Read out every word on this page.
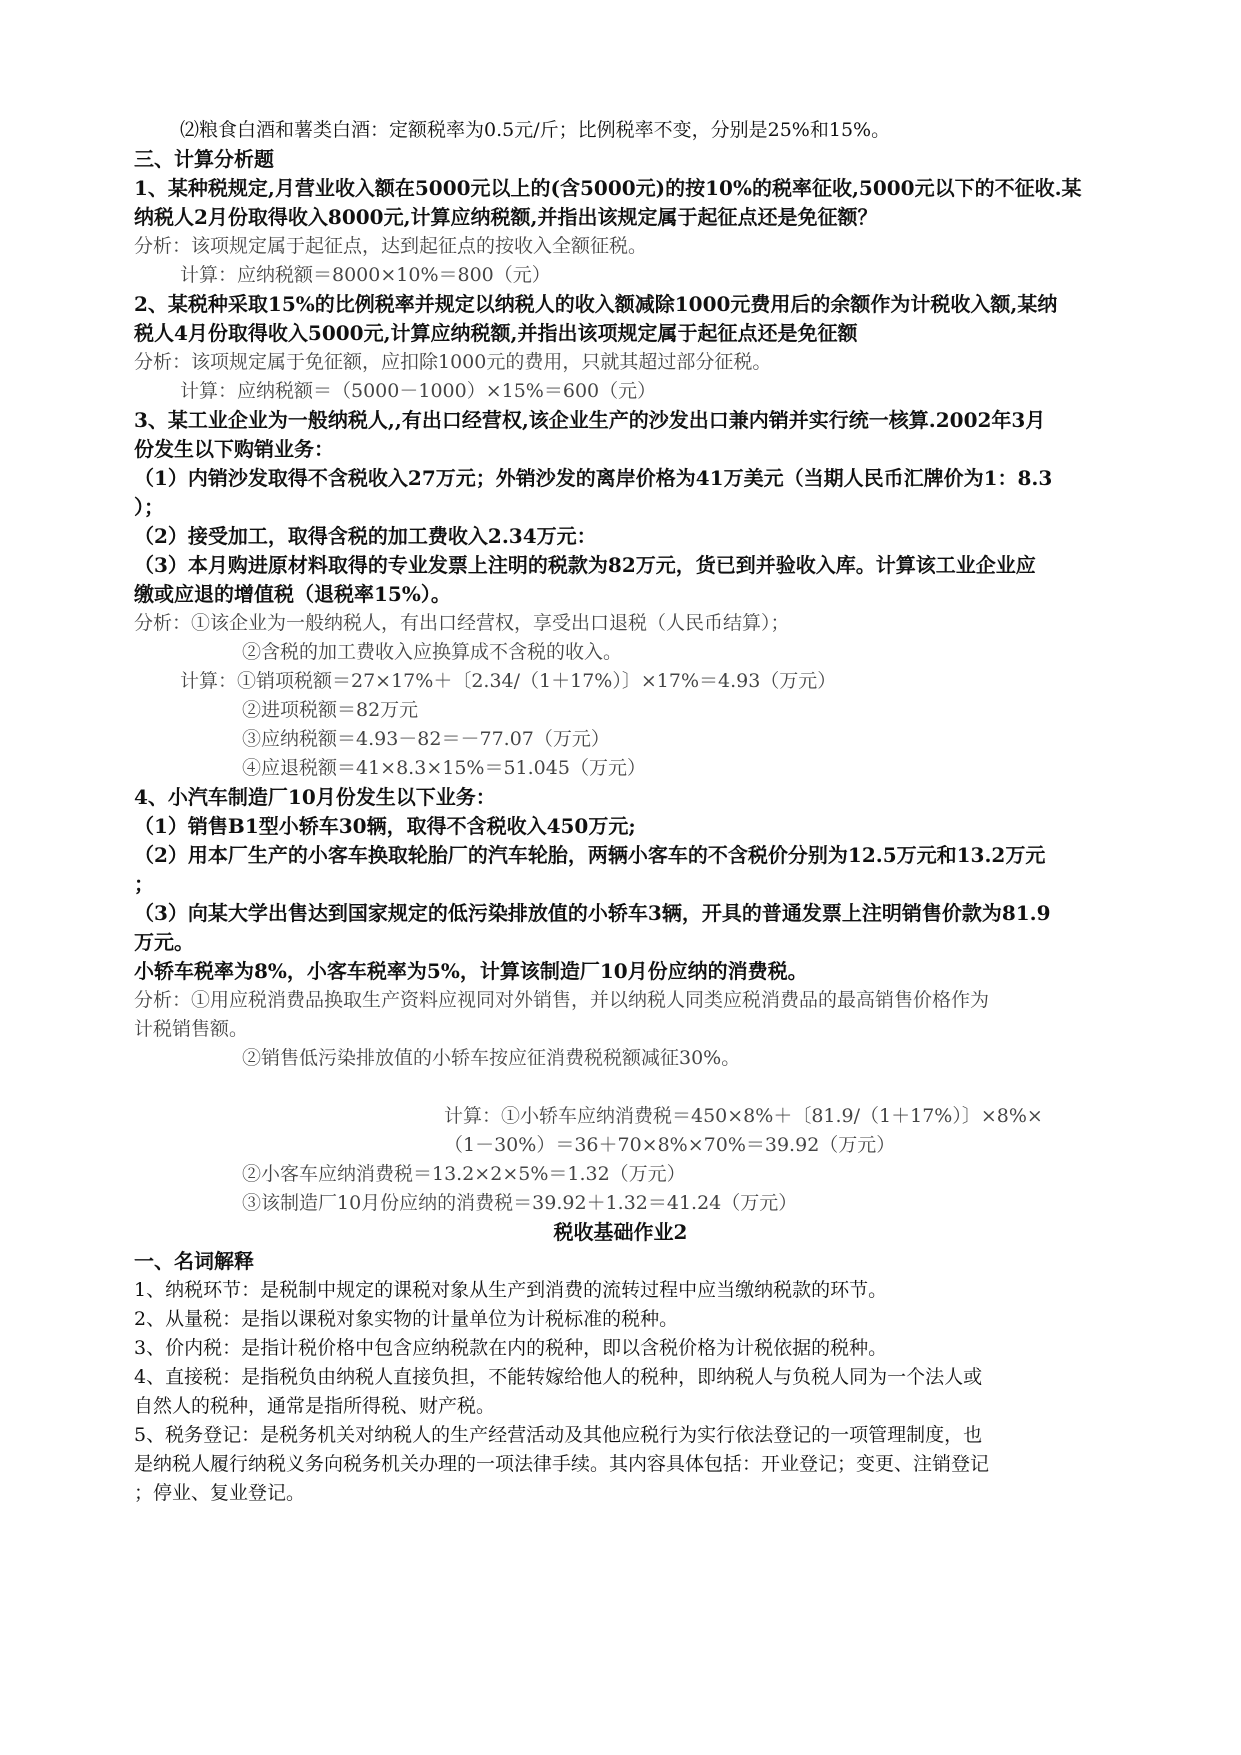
⑵粮食白酒和薯类白酒：定额税率为0.5元/斤；比例税率不变，分别是25%和15%。
三、计算分析题
1、某种税规定,月营业收入额在5000元以上的(含5000元)的按10%的税率征收,5000元以下的不征收.某
纳税人2月份取得收入8000元,计算应纳税额,并指出该规定属于起征点还是免征额？
分析：该项规定属于起征点，达到起征点的按收入全额征税。
计算：应纳税额＝8000×10%＝800（元）
2、某税种采取15%的比例税率并规定以纳税人的收入额减除1000元费用后的余额作为计税收入额,某纳
税人4月份取得收入5000元,计算应纳税额,并指出该项规定属于起征点还是免征额
分析：该项规定属于免征额，应扣除1000元的费用，只就其超过部分征税。
计算：应纳税额＝（5000－1000）×15%＝600（元）
3、某工业企业为一般纳税人,,有出口经营权,该企业生产的沙发出口兼内销并实行统一核算.2002年3月
份发生以下购销业务：
（1）内销沙发取得不含税收入27万元；外销沙发的离岸价格为41万美元（当期人民币汇牌价为1：8.3
）；
（2）接受加工，取得含税的加工费收入2.34万元：
（3）本月购进原材料取得的专业发票上注明的税款为82万元，货已到并验收入库。计算该工业企业应
缴或应退的增值税（退税率15%）。
分析：①该企业为一般纳税人，有出口经营权，享受出口退税（人民币结算）；
②含税的加工费收入应换算成不含税的收入。
计算：①销项税额＝27×17%＋〔2.34/（1＋17%）〕×17%＝4.93（万元）
②进项税额＝82万元
③应纳税额＝4.93－82＝－77.07（万元）
④应退税额＝41×8.3×15%＝51.045（万元）
4、小汽车制造厂10月份发生以下业务：
（1）销售B1型小轿车30辆，取得不含税收入450万元;
（2）用本厂生产的小客车换取轮胎厂的汽车轮胎，两辆小客车的不含税价分别为12.5万元和13.2万元
；
（3）向某大学出售达到国家规定的低污染排放值的小轿车3辆，开具的普通发票上注明销售价款为81.9
万元。
小轿车税率为8%，小客车税率为5%，计算该制造厂10月份应纳的消费税。
分析：①用应税消费品换取生产资料应视同对外销售，并以纳税人同类应税消费品的最高销售价格作为
计税销售额。
②销售低污染排放值的小轿车按应征消费税税额减征30%。
计算：①小轿车应纳消费税＝450×8%＋〔81.9/（1＋17%）〕×8%×
（1－30%）＝36＋70×8%×70%＝39.92（万元）
②小客车应纳消费税＝13.2×2×5%＝1.32（万元）
③该制造厂10月份应纳的消费税＝39.92＋1.32＝41.24（万元）
税收基础作业2
一、名词解释
1、纳税环节：是税制中规定的课税对象从生产到消费的流转过程中应当缴纳税款的环节。
2、从量税：是指以课税对象实物的计量单位为计税标准的税种。
3、价内税：是指计税价格中包含应纳税款在内的税种，即以含税价格为计税依据的税种。
4、直接税：是指税负由纳税人直接负担，不能转嫁给他人的税种，即纳税人与负税人同为一个法人或
自然人的税种，通常是指所得税、财产税。
5、税务登记：是税务机关对纳税人的生产经营活动及其他应税行为实行依法登记的一项管理制度，也
是纳税人履行纳税义务向税务机关办理的一项法律手续。其内容具体包括：开业登记；变更、注销登记
；停业、复业登记。
